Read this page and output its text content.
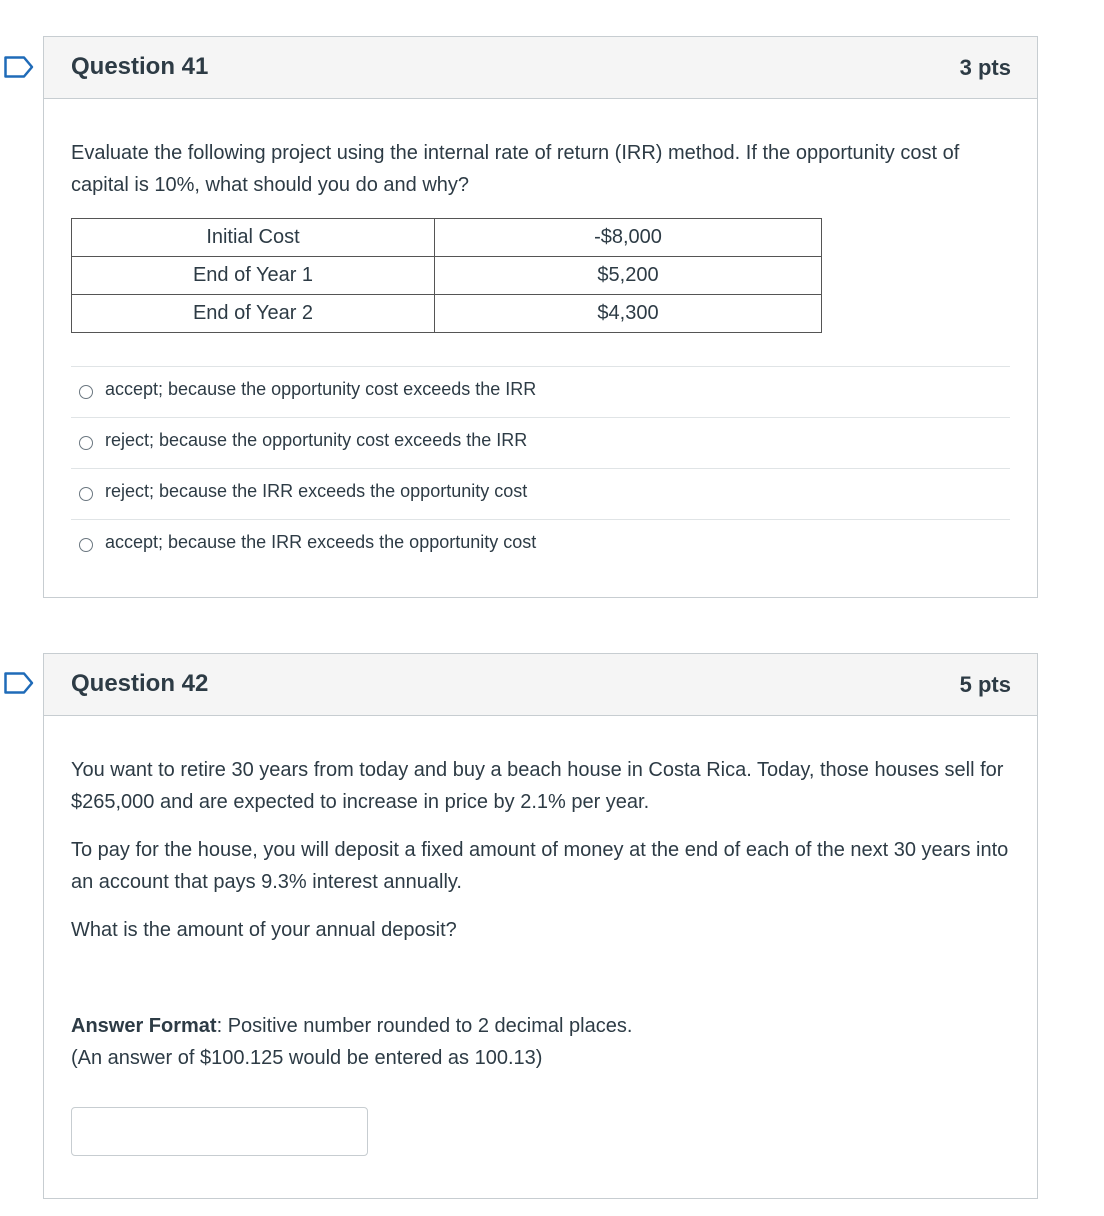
Question 41	3 pts

Evaluate the following project using the internal rate of return (IRR) method. If the opportunity cost of capital is 10%, what should you do and why?

Initial Cost	-$8,000
End of Year 1	$5,200
End of Year 2	$4,300
accept; because the opportunity cost exceeds the IRR
reject; because the opportunity cost exceeds the IRR
reject; because the IRR exceeds the opportunity cost
accept; because the IRR exceeds the opportunity cost
Question 42	5 pts

You want to retire 30 years from today and buy a beach house in Costa Rica. Today, those houses sell for $265,000 and are expected to increase in price by 2.1% per year.

To pay for the house, you will deposit a fixed amount of money at the end of each of the next 30 years into an account that pays 9.3% interest annually.

What is the amount of your annual deposit?

Answer Format: Positive number rounded to 2 decimal places.

(An answer of $100.125 would be entered as 100.13)
